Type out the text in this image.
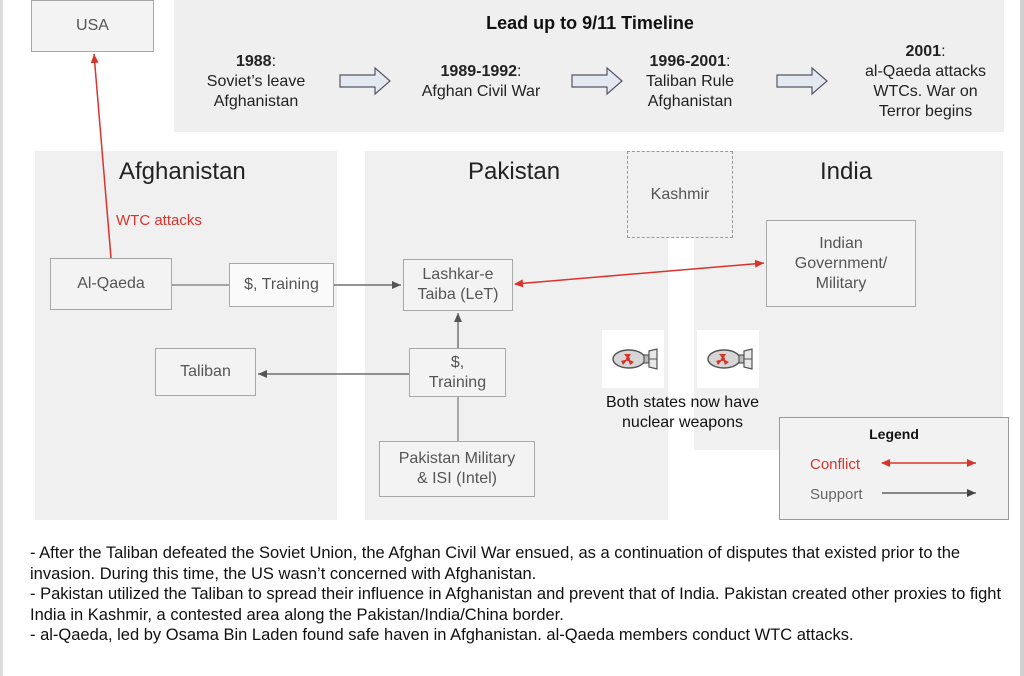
Lead up to 9/11 Timeline
1988:
Soviet’s leave
Afghanistan
1989-1992:
Afghan Civil War
1996-2001:
Taliban Rule
Afghanistan
2001:
al-Qaeda attacks
WTCs. War on
Terror begins
USA
Afghanistan	Pakistan	India
Kashmir
Al-Qaeda	$, Training
Lashkar-e
Taiba (LeT)
Indian
Government/
Military
Taliban
$,
Training
Pakistan Military
& ISI (Intel)
Both states now have
nuclear weapons
WTC attacks
Legend
Conflict
Support

- After the Taliban defeated the Soviet Union, the Afghan Civil War ensued, as a continuation of disputes that existed prior to the invasion. During this time, the US wasn’t concerned with Afghanistan.

- Pakistan utilized the Taliban to spread their influence in Afghanistan and prevent that of India. Pakistan created other proxies to fight India in Kashmir, a contested area along the Pakistan/India/China border.

- al-Qaeda, led by Osama Bin Laden found safe haven in Afghanistan. al-Qaeda members conduct WTC attacks.
